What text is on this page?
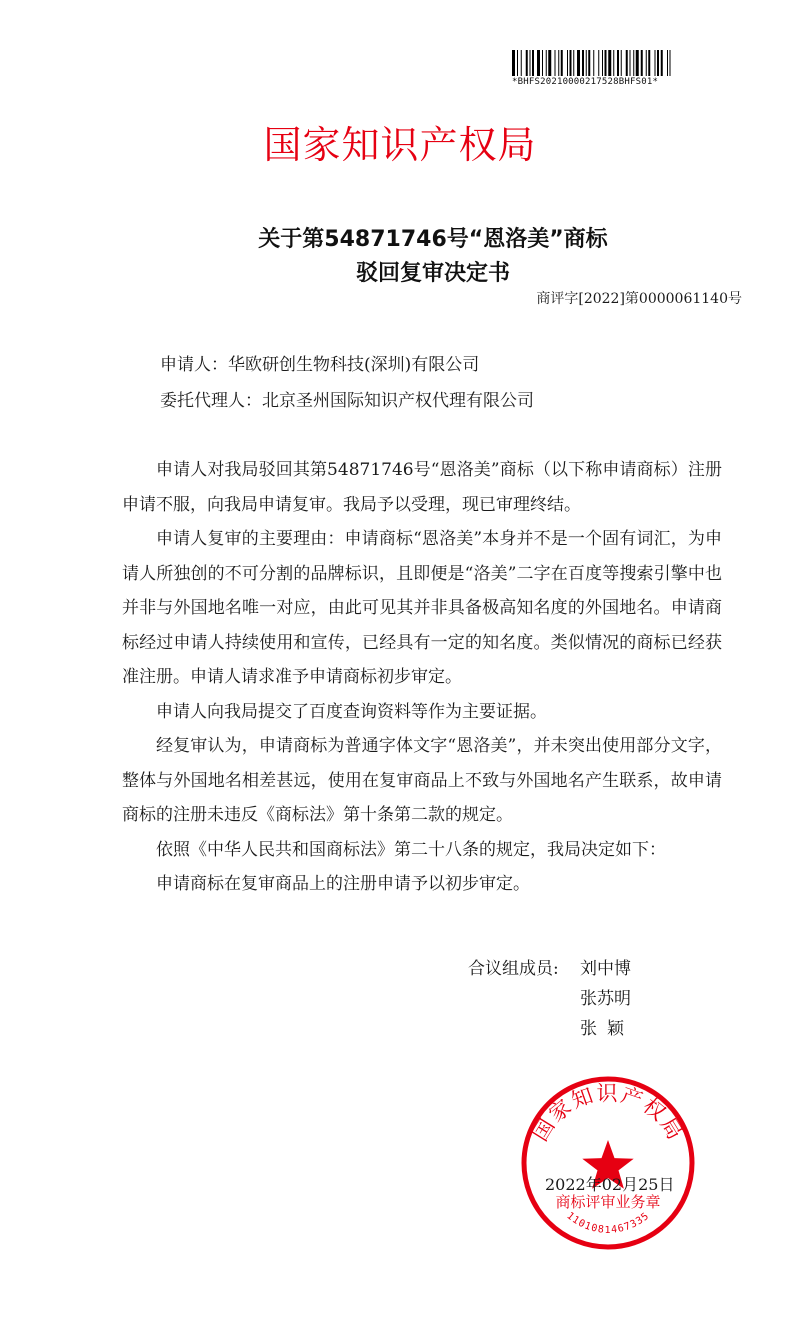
*BHFS20210000217528BHFS01*
国家知识产权局
关于第54871746号“恩洛美”商标
驳回复审决定书
商评字[2022]第0000061140号
申请人：华欧研创生物科技(深圳)有限公司
委托代理人：北京圣州国际知识产权代理有限公司

申请人对我局驳回其第54871746号“恩洛美”商标（以下称申请商标）注册申请不服，向我局申请复审。我局予以受理，现已审理终结。

申请人复审的主要理由：申请商标“恩洛美”本身并不是一个固有词汇，为申请人所独创的不可分割的品牌标识，且即便是“洛美”二字在百度等搜索引擎中也并非与外国地名唯一对应，由此可见其并非具备极高知名度的外国地名。申请商标经过申请人持续使用和宣传，已经具有一定的知名度。类似情况的商标已经获准注册。申请人请求准予申请商标初步审定。

申请人向我局提交了百度查询资料等作为主要证据。

经复审认为，申请商标为普通字体文字“恩洛美”，并未突出使用部分文字，整体与外国地名相差甚远，使用在复审商品上不致与外国地名产生联系，故申请商标的注册未违反《商标法》第十条第二款的规定。

依照《中华人民共和国商标法》第二十八条的规定，我局决定如下：

申请商标在复审商品上的注册申请予以初步审定。

合议组成员: 刘中博
张苏明
张颖
国家知识产权局
商标评审业务章
1101081467335
2022年02月25日
